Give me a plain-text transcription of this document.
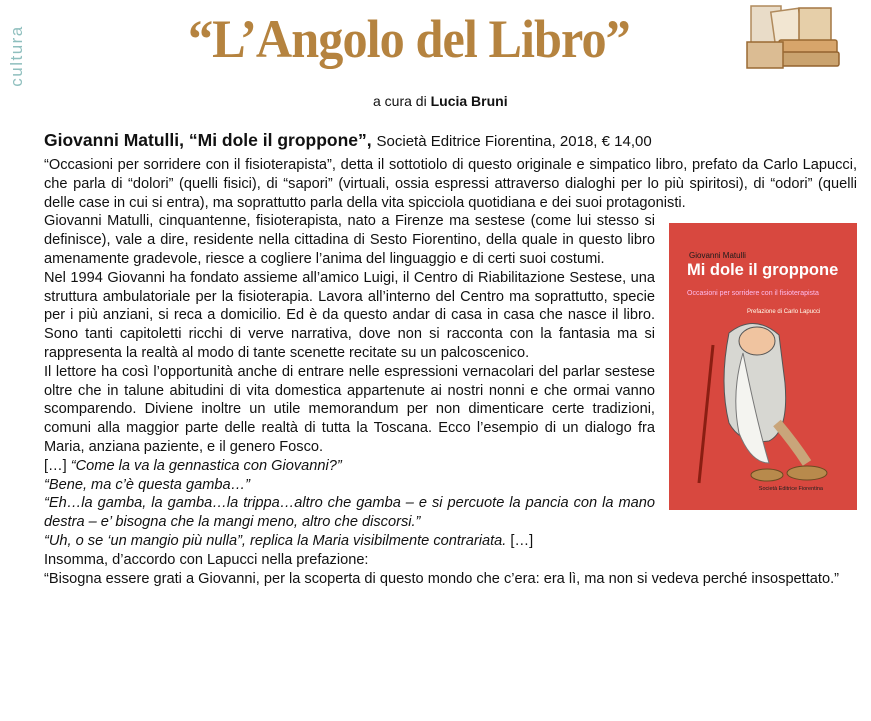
cultura	“L’Angolo del Libro”
a cura di Lucia Bruni
Giovanni Matulli, “Mi dole il groppone”, Società Editrice Fiorentina, 2018, € 14,00

“Occasioni per sorridere con il fisioterapista”, detta il sottotiolo di questo originale e simpatico libro, prefato da Carlo Lapucci, che parla di “dolori” (quelli fisici), di “sapori” (virtuali, ossia espressi attraverso dialoghi per lo più spiritosi), di “odori” (quelli delle case in cui si entra), ma soprattutto parla della vita spicciola quotidiana e dei suoi protagonisti.

Giovanni Matulli
Mi dole il groppone
Occasioni per sorridere con il fisioterapista
Prefazione di Carlo Lapucci
Società Editrice Fiorentina

Giovanni Matulli, cinquantenne, fisioterapista, nato a Firenze ma sestese (come lui stesso si definisce), vale a dire, residente nella cittadina di Sesto Fiorentino, della quale in questo libro amenamente gradevole, riesce a cogliere l’anima del linguaggio e di certi suoi costumi.

Nel 1994 Giovanni ha fondato assieme all’amico Luigi, il Centro di Riabilitazione Sestese, una struttura ambulatoriale per la fisioterapia. Lavora all’interno del Centro ma soprattutto, specie per i più anziani, si reca a domicilio. Ed è da questo andar di casa in casa che nasce il libro. Sono tanti capitoletti ricchi di verve narrativa, dove non si racconta con la fantasia ma si rappresenta la realtà al modo di tante scenette recitate su un palcoscenico.

Il lettore ha così l’opportunità anche di entrare nelle espressioni vernacolari del parlar sestese oltre che in talune abitudini di vita domestica appartenute ai nostri nonni e che ormai vanno scomparendo. Diviene inoltre un utile memorandum per non dimenticare certe tradizioni, comuni alla maggior parte delle realtà di tutta la Toscana. Ecco l’esempio di un dialogo fra Maria, anziana paziente, e il genero Fosco.

[…] “Come la va la gennastica con Giovanni?”

“Bene, ma c’è questa gamba…”

“Eh…la gamba, la gamba…la trippa…altro che gamba – e si percuote la pancia con la mano destra – e’ bisogna che la mangi meno, altro che discorsi.”

“Uh, o se ‘un mangio più nulla”, replica la Maria visibilmente contrariata. […]

Insomma, d’accordo con Lapucci nella prefazione:

“Bisogna essere grati a Giovanni, per la scoperta di questo mondo che c’era: era lì, ma non si vedeva perché insospettato.”
